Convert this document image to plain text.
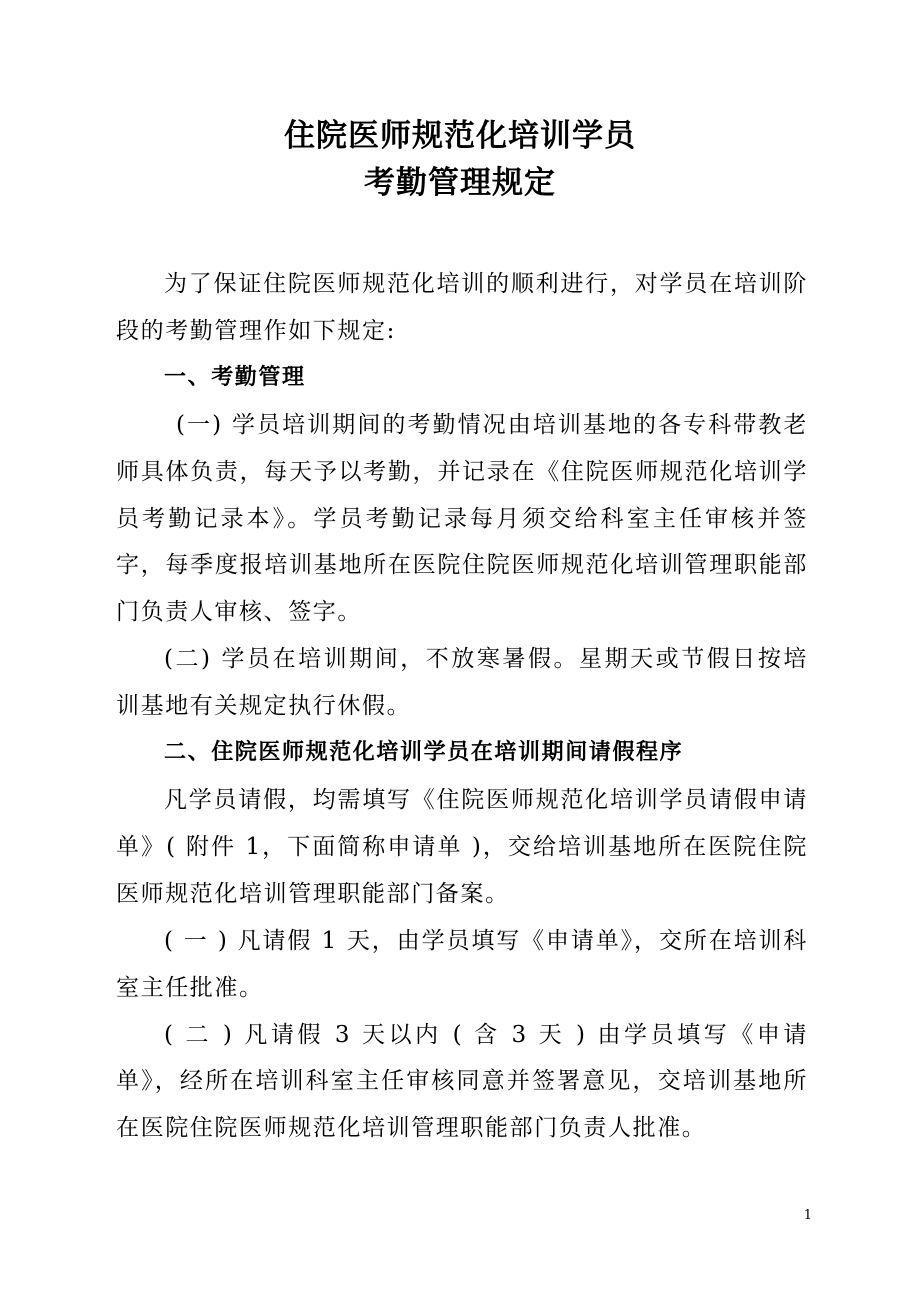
住院医师规范化培训学员
考勤管理规定

为了保证住院医师规范化培训的顺利进行，对学员在培训阶段的考勤管理作如下规定:

一、考勤管理

(一) 学员培训期间的考勤情况由培训基地的各专科带教老师具体负责，每天予以考勤，并记录在《住院医师规范化培训学员考勤记录本》。学员考勤记录每月须交给科室主任审核并签字，每季度报培训基地所在医院住院医师规范化培训管理职能部门负责人审核、签字。

(二) 学员在培训期间，不放寒暑假。星期天或节假日按培训基地有关规定执行休假。

二、住院医师规范化培训学员在培训期间请假程序

凡学员请假，均需填写《住院医师规范化培训学员请假申请单》( 附件 1，下面简称申请单 )，交给培训基地所在医院住院医师规范化培训管理职能部门备案。

( 一 ) 凡请假 1 天，由学员填写《申请单》，交所在培训科室主任批准。

( 二 ) 凡请假 3 天以内 ( 含 3 天 ) 由学员填写《申请单》，经所在培训科室主任审核同意并签署意见，交培训基地所在医院住院医师规范化培训管理职能部门负责人批准。

1
